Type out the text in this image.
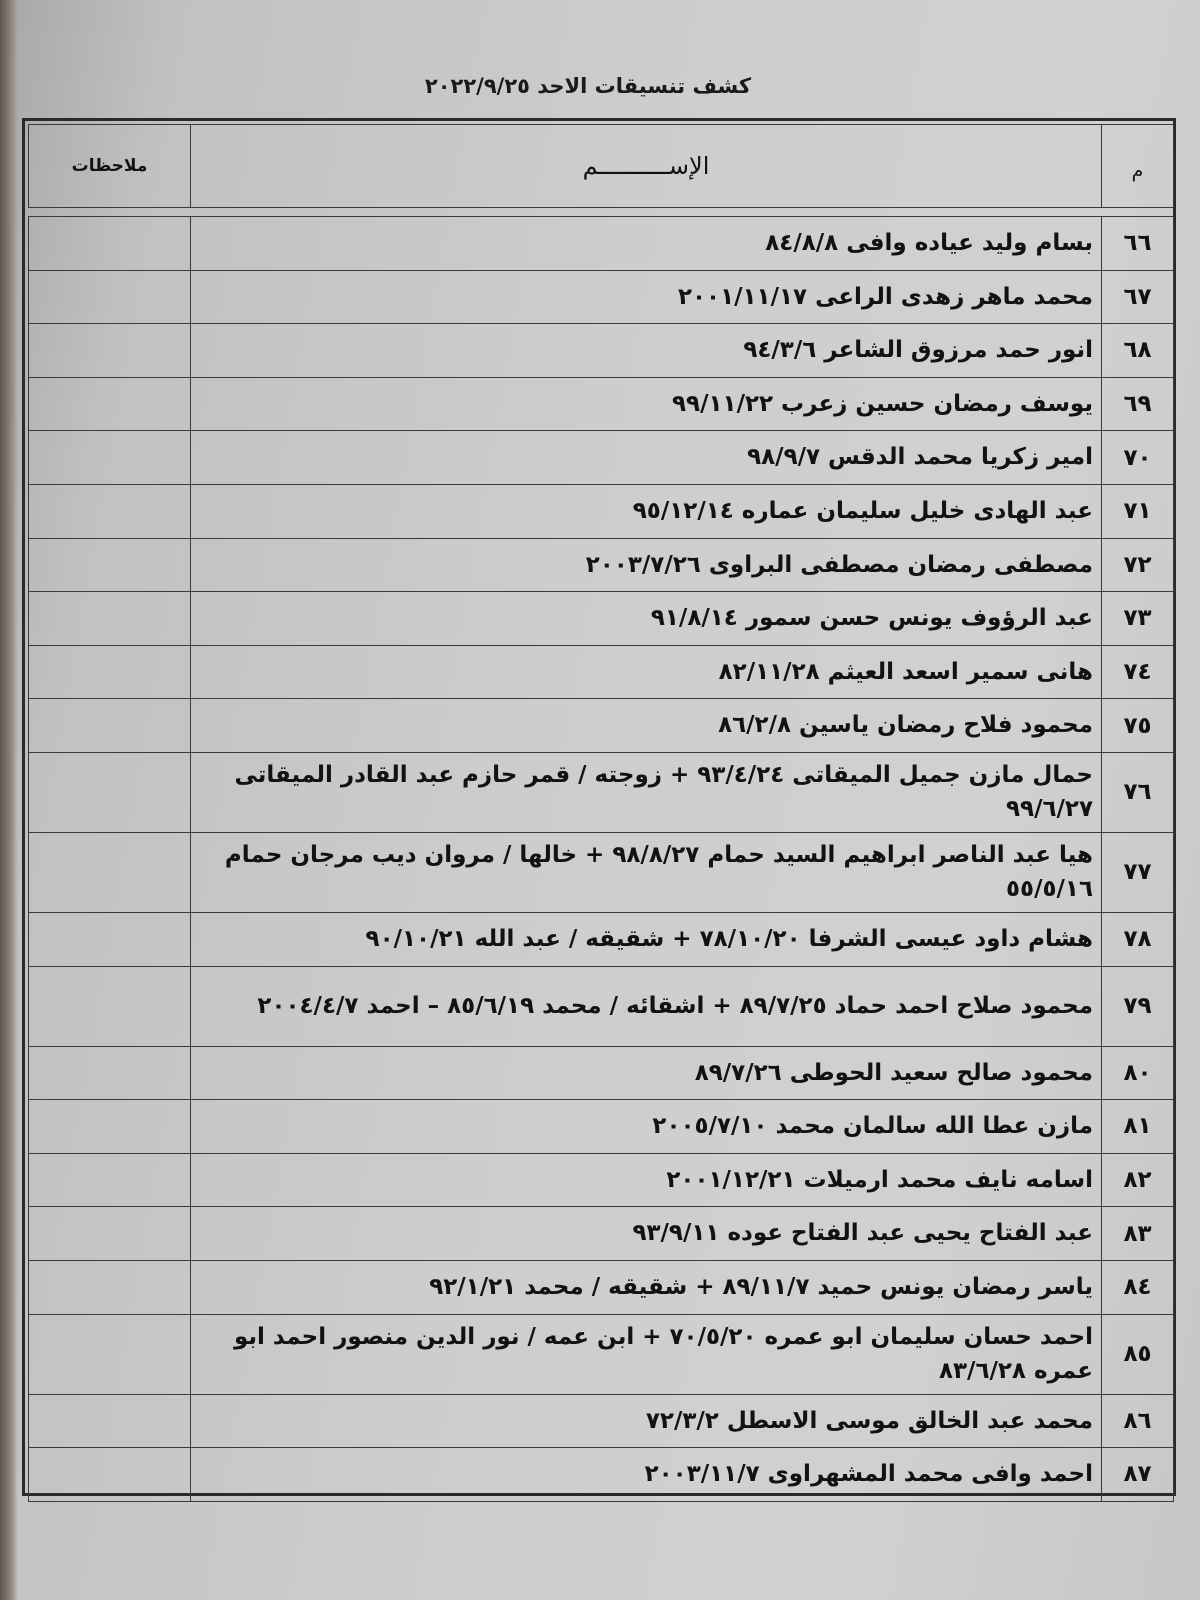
كشف تنسيقات الاحد ٢٠٢٢/٩/٢٥
م	الإســــــــــم	ملاحظات

٦٦	بسام وليد عياده وافى ٨٤/٨/٨	
٦٧	محمد ماهر زهدى الراعى ٢٠٠١/١١/١٧	
٦٨	انور حمد مرزوق الشاعر ٩٤/٣/٦	
٦٩	يوسف رمضان حسين زعرب ٩٩/١١/٢٢	
٧٠	امير زكريا محمد الدقس ٩٨/٩/٧	
٧١	عبد الهادى خليل سليمان عماره ٩٥/١٢/١٤	
٧٢	مصطفى رمضان مصطفى البراوى ٢٠٠٣/٧/٢٦	
٧٣	عبد الرؤوف يونس حسن سمور ٩١/٨/١٤	
٧٤	هانى سمير اسعد العيثم ٨٢/١١/٢٨	
٧٥	محمود فلاح رمضان ياسين ٨٦/٢/٨	
٧٦	حمال مازن جميل الميقاتى ٩٣/٤/٢٤ + زوجته / قمر حازم عبد القادر الميقاتى ٩٩/٦/٢٧	
٧٧	هيا عبد الناصر ابراهيم السيد حمام ٩٨/٨/٢٧ + خالها / مروان ديب مرجان حمام ٥٥/٥/١٦	
٧٨	هشام داود عيسى الشرفا ٧٨/١٠/٢٠ + شقيقه / عبد الله ٩٠/١٠/٢١	
٧٩	محمود صلاح احمد حماد ٨٩/٧/٢٥ + اشقائه / محمد ٨٥/٦/١٩ – احمد ٢٠٠٤/٤/٧	
٨٠	محمود صالح سعيد الحوطى ٨٩/٧/٢٦	
٨١	مازن عطا الله سالمان محمد ٢٠٠٥/٧/١٠	
٨٢	اسامه نايف محمد ارميلات ٢٠٠١/١٢/٢١	
٨٣	عبد الفتاح يحيى عبد الفتاح عوده ٩٣/٩/١١	
٨٤	ياسر رمضان يونس حميد ٨٩/١١/٧ + شقيقه / محمد ٩٢/١/٢١	
٨٥	احمد حسان سليمان ابو عمره ٧٠/٥/٢٠ + ابن عمه / نور الدين منصور احمد ابو عمره ٨٣/٦/٢٨	
٨٦	محمد عبد الخالق موسى الاسطل ٧٢/٣/٢	
٨٧	احمد وافى محمد المشهراوى ٢٠٠٣/١١/٧	
